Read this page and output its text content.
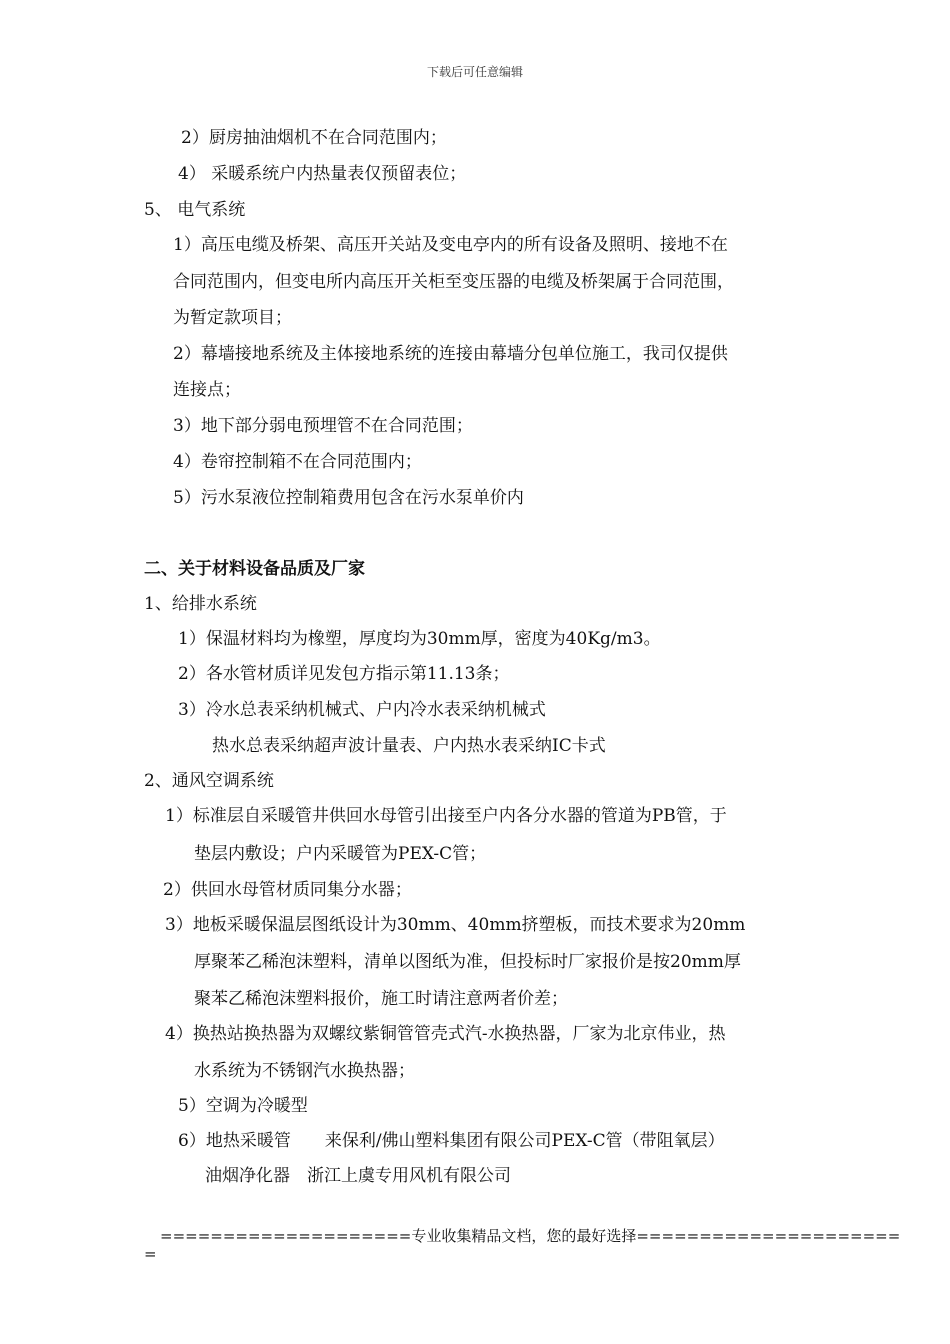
下载后可任意编辑
2）厨房抽油烟机不在合同范围内；
4） 采暖系统户内热量表仅预留表位；
5、 电气系统
1）高压电缆及桥架、高压开关站及变电亭内的所有设备及照明、接地不在
合同范围内，但变电所内高压开关柜至变压器的电缆及桥架属于合同范围，
为暂定款项目；
2）幕墙接地系统及主体接地系统的连接由幕墙分包单位施工，我司仅提供
连接点；
3）地下部分弱电预埋管不在合同范围；
4）卷帘控制箱不在合同范围内；
5）污水泵液位控制箱费用包含在污水泵单价内
二、关于材料设备品质及厂家
1、给排水系统
1）保温材料均为橡塑，厚度均为30mm厚，密度为40Kg/m3。
2）各水管材质详见发包方指示第11.13条；
3）冷水总表采纳机械式、户内冷水表采纳机械式
热水总表采纳超声波计量表、户内热水表采纳IC卡式
2、通风空调系统
1）标准层自采暖管井供回水母管引出接至户内各分水器的管道为PB管，于
垫层内敷设；户内采暖管为PEX-C管；
2）供回水母管材质同集分水器；
3）地板采暖保温层图纸设计为30mm、40mm挤塑板，而技术要求为20mm
厚聚苯乙稀泡沫塑料，清单以图纸为准，但投标时厂家报价是按20mm厚
聚苯乙稀泡沫塑料报价，施工时请注意两者价差；
4）换热站换热器为双螺纹紫铜管管壳式汽-水换热器，厂家为北京伟业，热
水系统为不锈钢汽水换热器；
5）空调为冷暖型
6）地热采暖管　　来保利/佛山塑料集团有限公司PEX-C管（带阻氧层）
油烟净化器　浙江上虞专用风机有限公司
====================专业收集精品文档，您的最好选择=====================
=
